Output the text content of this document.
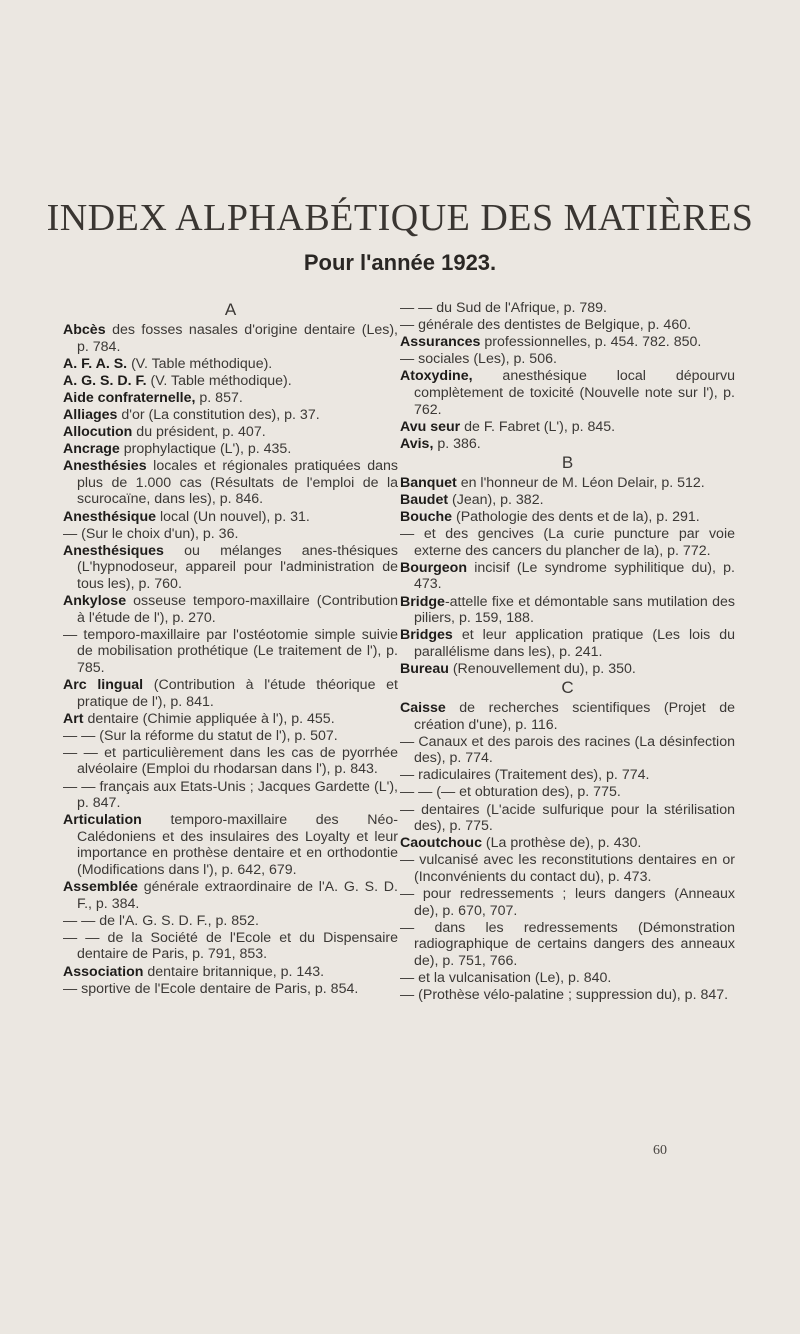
INDEX ALPHABÉTIQUE DES MATIÈRES
Pour l'année 1923.
A
Abcès des fosses nasales d'origine dentaire (Les), p. 784.
A. F. A. S. (V. Table méthodique).
A. G. S. D. F. (V. Table méthodique).
Aide confraternelle, p. 857.
Alliages d'or (La constitution des), p. 37.
Allocution du président, p. 407.
Ancrage prophylactique (L'), p. 435.
Anesthésies locales et régionales pratiquées dans plus de 1.000 cas (Résultats de l'emploi de la scurocaïne, dans les), p. 846.
Anesthésique local (Un nouvel), p. 31.
— (Sur le choix d'un), p. 36.
Anesthésiques ou mélanges anes-thésiques (L'hypnodoseur, appareil pour l'administration de tous les), p. 760.
Ankylose osseuse temporo-maxillaire (Contribution à l'étude de l'), p. 270.
— temporo-maxillaire par l'ostéotomie simple suivie de mobilisation prothétique (Le traitement de l'), p. 785.
Arc lingual (Contribution à l'étude théorique et pratique de l'), p. 841.
Art dentaire (Chimie appliquée à l'), p. 455.
— — (Sur la réforme du statut de l'), p. 507.
— — et particulièrement dans les cas de pyorrhée alvéolaire (Emploi du rhodarsan dans l'), p. 843.
— — français aux Etats-Unis ; Jacques Gardette (L'), p. 847.
Articulation temporo-maxillaire des Néo-Calédoniens et des insulaires des Loyalty et leur importance en prothèse dentaire et en orthodontie (Modifications dans l'), p. 642, 679.
Assemblée générale extraordinaire de l'A. G. S. D. F., p. 384.
— — de l'A. G. S. D. F., p. 852.
— — de la Société de l'Ecole et du Dispensaire dentaire de Paris, p. 791, 853.
Association dentaire britannique, p. 143.
— sportive de l'Ecole dentaire de Paris, p. 854.
— — du Sud de l'Afrique, p. 789.
— générale des dentistes de Belgique, p. 460.
Assurances professionnelles, p. 454. 782. 850.
— sociales (Les), p. 506.
Atoxydine, anesthésique local dépourvu complètement de toxicité (Nouvelle note sur l'), p. 762.
Avu seur de F. Fabret (L'), p. 845.
Avis, p. 386.
B
Banquet en l'honneur de M. Léon Delair, p. 512.
Baudet (Jean), p. 382.
Bouche (Pathologie des dents et de la), p. 291.
— et des gencives (La curie puncture par voie externe des cancers du plancher de la), p. 772.
Bourgeon incisif (Le syndrome syphilitique du), p. 473.
Bridge-attelle fixe et démontable sans mutilation des piliers, p. 159, 188.
Bridges et leur application pratique (Les lois du parallélisme dans les), p. 241.
Bureau (Renouvellement du), p. 350.
C
Caisse de recherches scientifiques (Projet de création d'une), p. 116.
— Canaux et des parois des racines (La désinfection des), p. 774.
— radiculaires (Traitement des), p. 774.
— — (— et obturation des), p. 775.
— dentaires (L'acide sulfurique pour la stérilisation des), p. 775.
Caoutchouc (La prothèse de), p. 430.
— vulcanisé avec les reconstitutions dentaires en or (Inconvénients du contact du), p. 473.
— pour redressements ; leurs dangers (Anneaux de), p. 670, 707.
— dans les redressements (Démonstration radiographique de certains dangers des anneaux de), p. 751, 766.
— et la vulcanisation (Le), p. 840.
— (Prothèse vélo-palatine ; suppression du), p. 847.
60
